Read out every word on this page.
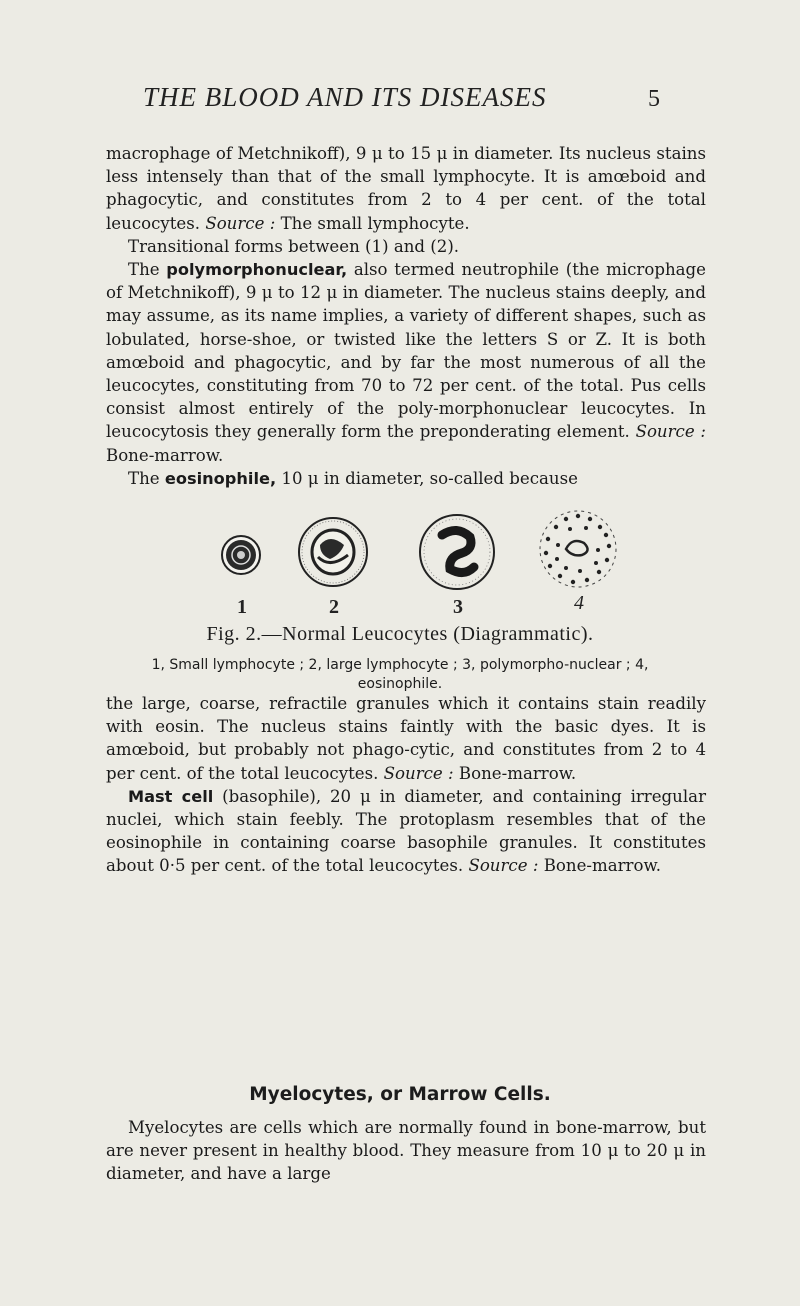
THE BLOOD AND ITS DISEASES	5

macrophage of Metchnikoff), 9 μ to 15 μ in diameter. Its nucleus stains less intensely than that of the small lymphocyte. It is amœboid and phagocytic, and constitutes from 2 to 4 per cent. of the total leucocytes. Source : The small lymphocyte.

Transitional forms between (1) and (2).

The polymorphonuclear, also termed neutrophile (the microphage of Metchnikoff), 9 μ to 12 μ in diameter. The nucleus stains deeply, and may assume, as its name implies, a variety of different shapes, such as lobulated, horse-shoe, or twisted like the letters S or Z. It is both amœboid and phagocytic, and by far the most numerous of all the leucocytes, constituting from 70 to 72 per cent. of the total. Pus cells consist almost entirely of the poly-morphonuclear leucocytes. In leucocytosis they generally form the preponderating element. Source : Bone-marrow.

The eosinophile, 10 μ in diameter, so-called because

1	2	3	4
Fig. 2.—Normal Leucocytes (Diagrammatic).
1, Small lymphocyte ; 2, large lymphocyte ; 3, polymorpho-nuclear ; 4, eosinophile.

the large, coarse, refractile granules which it contains stain readily with eosin. The nucleus stains faintly with the basic dyes. It is amœboid, but probably not phago-cytic, and constitutes from 2 to 4 per cent. of the total leucocytes. Source : Bone-marrow.

Mast cell (basophile), 20 μ in diameter, and containing irregular nuclei, which stain feebly. The protoplasm resembles that of the eosinophile in containing coarse basophile granules. It constitutes about 0·5 per cent. of the total leucocytes. Source : Bone-marrow.

Myelocytes, or Marrow Cells.

Myelocytes are cells which are normally found in bone-marrow, but are never present in healthy blood. They measure from 10 μ to 20 μ in diameter, and have a large
